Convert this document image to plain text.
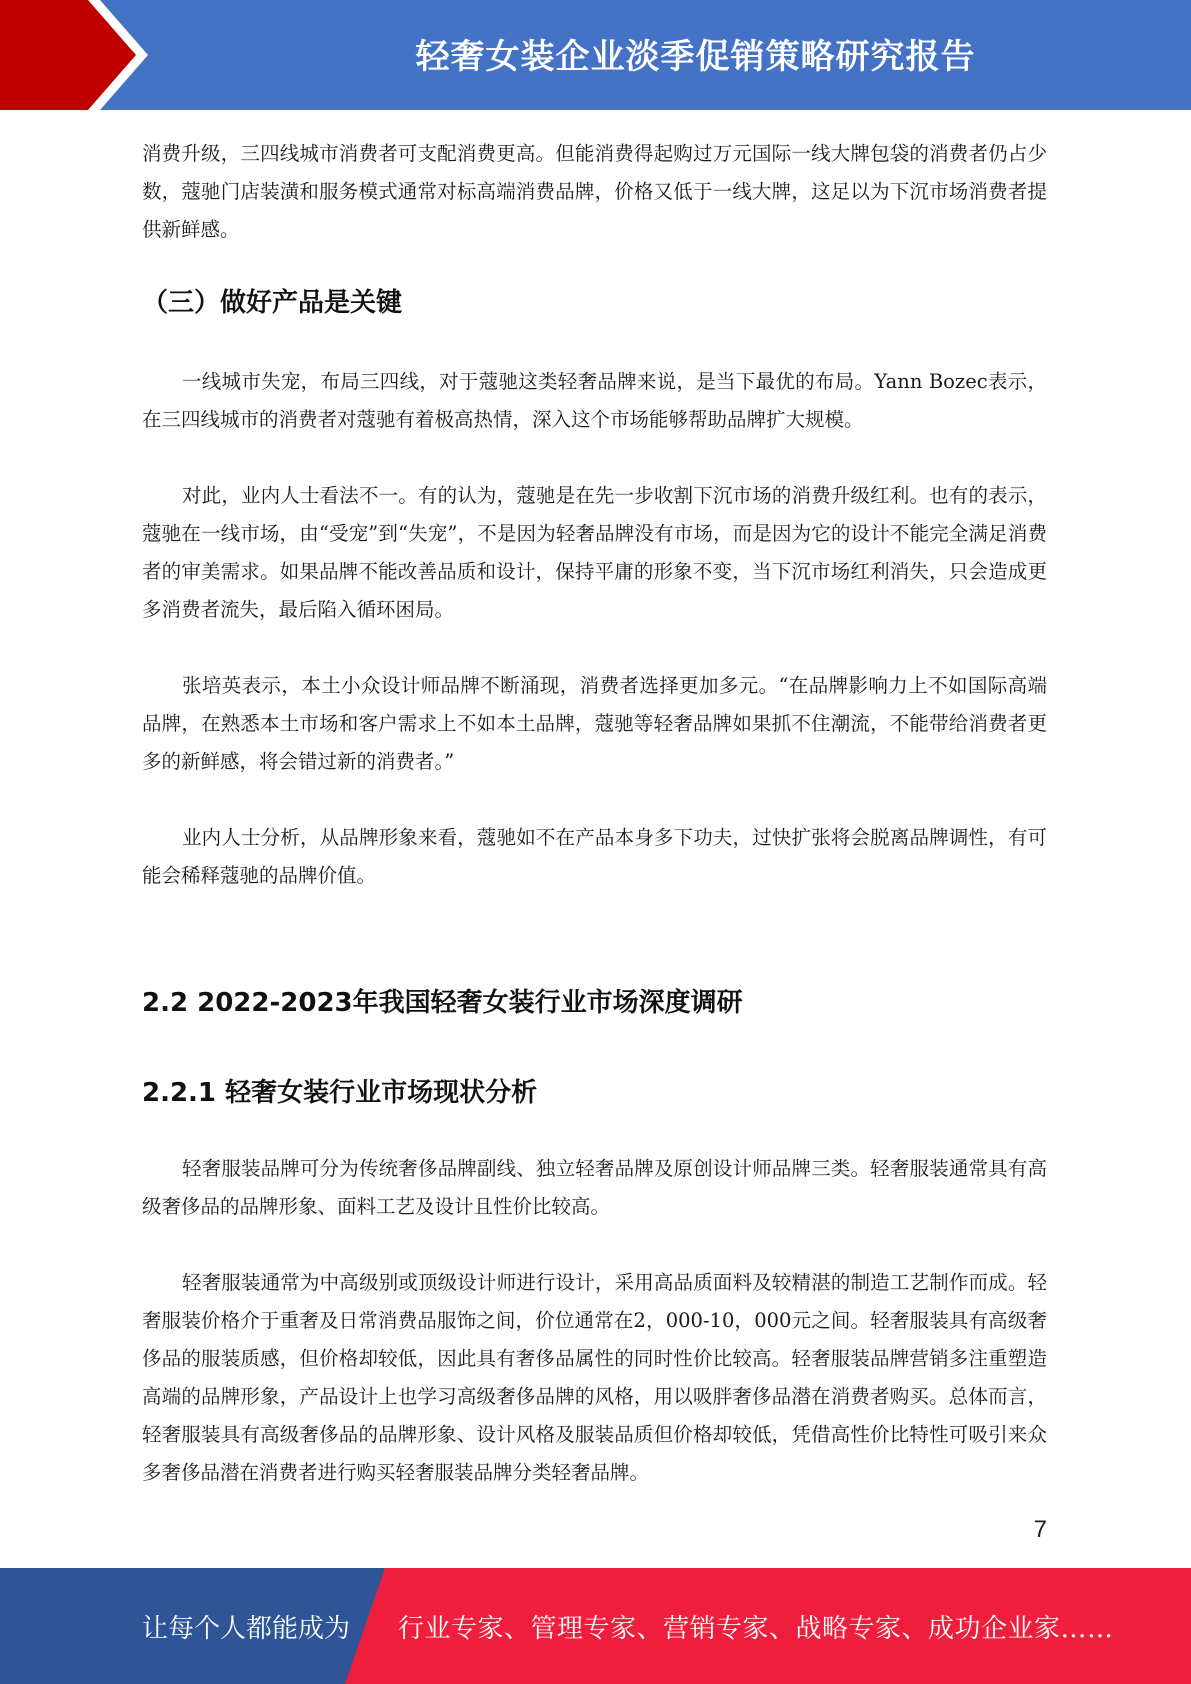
轻奢女装企业淡季促销策略研究报告

消费升级，三四线城市消费者可支配消费更高。但能消费得起购过万元国际一线大牌包袋的消费者仍占少数，蔻驰门店装潢和服务模式通常对标高端消费品牌，价格又低于一线大牌，这足以为下沉市场消费者提供新鲜感。

（三）做好产品是关键

一线城市失宠，布局三四线，对于蔻驰这类轻奢品牌来说，是当下最优的布局。Yann Bozec表示，在三四线城市的消费者对蔻驰有着极高热情，深入这个市场能够帮助品牌扩大规模。

对此，业内人士看法不一。有的认为，蔻驰是在先一步收割下沉市场的消费升级红利。也有的表示，蔻驰在一线市场，由“受宠”到“失宠”，不是因为轻奢品牌没有市场，而是因为它的设计不能完全满足消费者的审美需求。如果品牌不能改善品质和设计，保持平庸的形象不变，当下沉市场红利消失，只会造成更多消费者流失，最后陷入循环困局。

张培英表示，本土小众设计师品牌不断涌现，消费者选择更加多元。“在品牌影响力上不如国际高端品牌，在熟悉本土市场和客户需求上不如本土品牌，蔻驰等轻奢品牌如果抓不住潮流，不能带给消费者更多的新鲜感，将会错过新的消费者。”

业内人士分析，从品牌形象来看，蔻驰如不在产品本身多下功夫，过快扩张将会脱离品牌调性，有可能会稀释蔻驰的品牌价值。

2.2 2022-2023年我国轻奢女装行业市场深度调研
2.2.1 轻奢女装行业市场现状分析

轻奢服装品牌可分为传统奢侈品牌副线、独立轻奢品牌及原创设计师品牌三类。轻奢服装通常具有高级奢侈品的品牌形象、面料工艺及设计且性价比较高。

轻奢服装通常为中高级别或顶级设计师进行设计，采用高品质面料及较精湛的制造工艺制作而成。轻奢服装价格介于重奢及日常消费品服饰之间，价位通常在2，000-10，000元之间。轻奢服装具有高级奢侈品的服装质感，但价格却较低，因此具有奢侈品属性的同时性价比较高。轻奢服装品牌营销多注重塑造高端的品牌形象，产品设计上也学习高级奢侈品牌的风格，用以吸胖奢侈品潜在消费者购买。总体而言，轻奢服装具有高级奢侈品的品牌形象、设计风格及服装品质但价格却较低，凭借高性价比特性可吸引来众多奢侈品潜在消费者进行购买轻奢服装品牌分类轻奢品牌。

7
让每个人都能成为 行业专家、管理专家、营销专家、战略专家、成功企业家……
